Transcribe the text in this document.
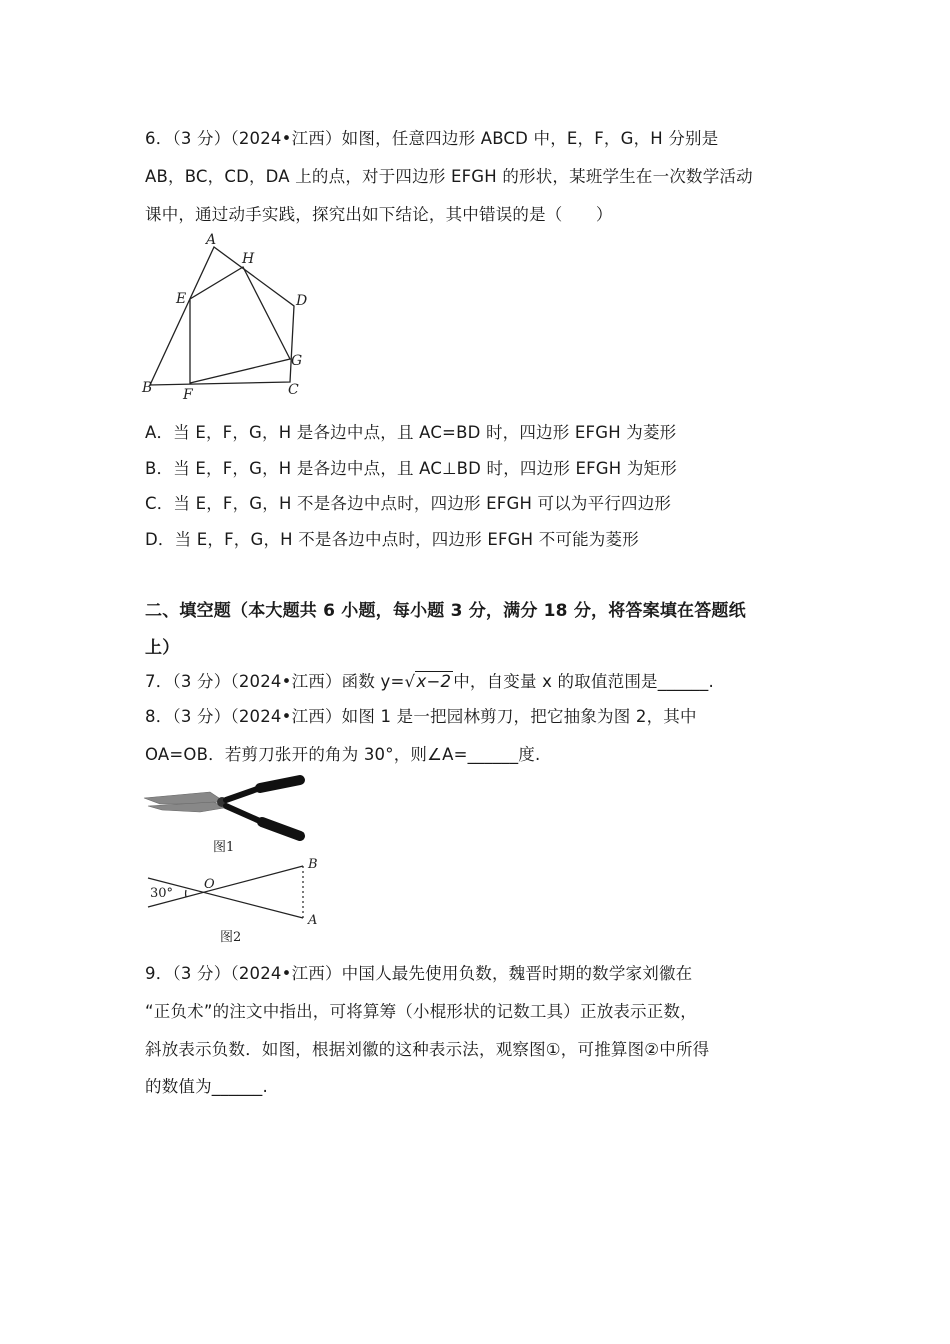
6．（3 分）（2024•江西）如图，任意四边形 ABCD 中，E，F，G，H 分别是
AB，BC，CD，DA 上的点，对于四边形 EFGH 的形状，某班学生在一次数学活动
课中，通过动手实践，探究出如下结论，其中错误的是（　　）
A
H
D
E
G
B F	C
A．当 E，F，G，H 是各边中点，且 AC=BD 时，四边形 EFGH 为菱形
B．当 E，F，G，H 是各边中点，且 AC⊥BD 时，四边形 EFGH 为矩形
C．当 E，F，G，H 不是各边中点时，四边形 EFGH 可以为平行四边形
D．当 E，F，G，H 不是各边中点时，四边形 EFGH 不可能为菱形
二、填空题（本大题共 6 小题，每小题 3 分，满分 18 分，将答案填在答题纸
上）
7．（3 分）（2024•江西）函数 y= √ x−2 中，自变量 x 的取值范围是______.
8．（3 分）（2024•江西）如图 1 是一把园林剪刀，把它抽象为图 2，其中
OA=OB．若剪刀张开的角为 30°，则∠A=______度.
图1
O
B
A
30°
图2
9．（3 分）（2024•江西）中国人最先使用负数，魏晋时期的数学家刘徽在
“正负术”的注文中指出，可将算筹（小棍形状的记数工具）正放表示正数，
斜放表示负数．如图，根据刘徽的这种表示法，观察图①，可推算图②中所得
的数值为______.
